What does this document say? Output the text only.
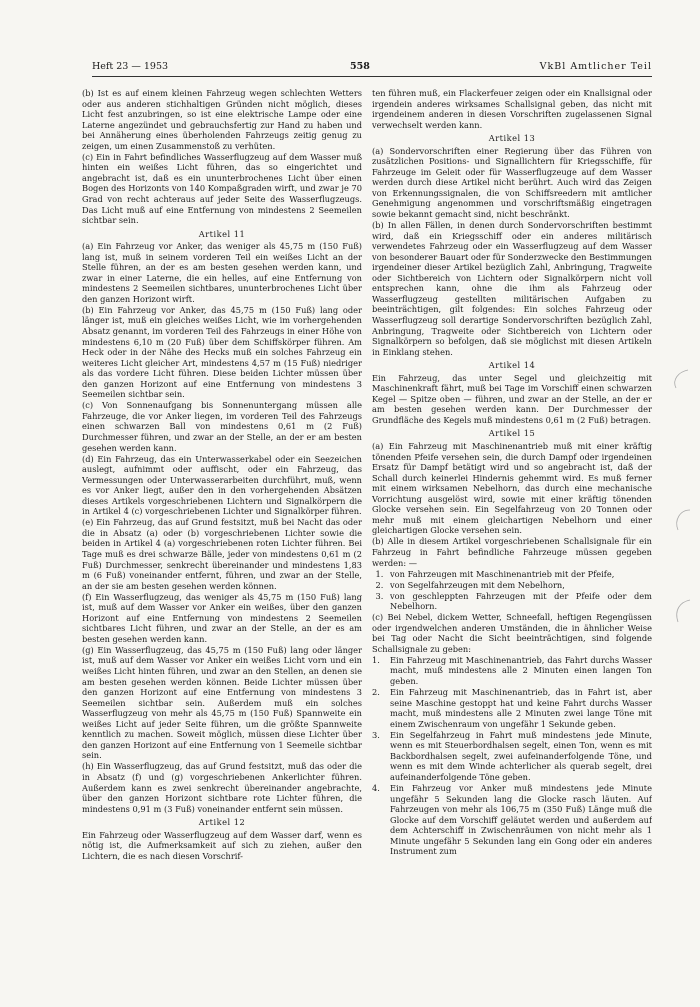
Heft 23 — 1953	558	VkBl Amtlicher Teil

(b) Ist es auf einem kleinen Fahrzeug wegen schlechten Wetters oder aus anderen stichhaltigen Gründen nicht möglich, dieses Licht fest anzubringen, so ist eine elektrische Lampe oder eine Laterne angezündet und gebrauchsfertig zur Hand zu haben und bei Annäherung eines überholenden Fahrzeugs zeitig genug zu zeigen, um einen Zusammenstoß zu verhüten.

(c) Ein in Fahrt befindliches Wasserflugzeug auf dem Wasser muß hinten ein weißes Licht führen, das so eingerichtet und angebracht ist, daß es ein ununterbrochenes Licht über einen Bogen des Horizonts von 140 Kompaßgraden wirft, und zwar je 70 Grad von recht achteraus auf jeder Seite des Wasserflugzeugs. Das Licht muß auf eine Entfernung von mindestens 2 Seemeilen sichtbar sein.

Artikel 11

(a) Ein Fahrzeug vor Anker, das weniger als 45,75 m (150 Fuß) lang ist, muß in seinem vorderen Teil ein weißes Licht an der Stelle führen, an der es am besten gesehen werden kann, und zwar in einer Laterne, die ein helles, auf eine Entfernung von mindestens 2 Seemeilen sichtbares, ununterbrochenes Licht über den ganzen Horizont wirft.

(b) Ein Fahrzeug vor Anker, das 45,75 m (150 Fuß) lang oder länger ist, muß ein gleiches weißes Licht, wie im vorhergehenden Absatz genannt, im vorderen Teil des Fahrzeugs in einer Höhe von mindestens 6,10 m (20 Fuß) über dem Schiffskörper führen. Am Heck oder in der Nähe des Hecks muß ein solches Fahrzeug ein weiteres Licht gleicher Art, mindestens 4,57 m (15 Fuß) niedriger als das vordere Licht führen. Diese beiden Lichter müssen über den ganzen Horizont auf eine Entfernung von mindestens 3 Seemeilen sichtbar sein.

(c) Von Sonnenaufgang bis Sonnenuntergang müssen alle Fahrzeuge, die vor Anker liegen, im vorderen Teil des Fahrzeugs einen schwarzen Ball von mindestens 0,61 m (2 Fuß) Durchmesser führen, und zwar an der Stelle, an der er am besten gesehen werden kann.

(d) Ein Fahrzeug, das ein Unterwasserkabel oder ein Seezeichen auslegt, aufnimmt oder auffischt, oder ein Fahrzeug, das Vermessungen oder Unterwasserarbeiten durchführt, muß, wenn es vor Anker liegt, außer den in den vorhergehenden Absätzen dieses Artikels vorgeschriebenen Lichtern und Signalkörpern die in Artikel 4 (c) vorgeschriebenen Lichter und Signalkörper führen.

(e) Ein Fahrzeug, das auf Grund festsitzt, muß bei Nacht das oder die in Absatz (a) oder (b) vorgeschriebenen Lichter sowie die beiden in Artikel 4 (a) vorgeschriebenen roten Lichter führen. Bei Tage muß es drei schwarze Bälle, jeder von mindestens 0,61 m (2 Fuß) Durchmesser, senkrecht übereinander und mindestens 1,83 m (6 Fuß) voneinander entfernt, führen, und zwar an der Stelle, an der sie am besten gesehen werden können.

(f) Ein Wasserflugzeug, das weniger als 45,75 m (150 Fuß) lang ist, muß auf dem Wasser vor Anker ein weißes, über den ganzen Horizont auf eine Entfernung von mindestens 2 Seemeilen sichtbares Licht führen, und zwar an der Stelle, an der es am besten gesehen werden kann.

(g) Ein Wasserflugzeug, das 45,75 m (150 Fuß) lang oder länger ist, muß auf dem Wasser vor Anker ein weißes Licht vorn und ein weißes Licht hinten führen, und zwar an den Stellen, an denen sie am besten gesehen werden können. Beide Lichter müssen über den ganzen Horizont auf eine Entfernung von mindestens 3 Seemeilen sichtbar sein. Außerdem muß ein solches Wasserflugzeug von mehr als 45,75 m (150 Fuß) Spannweite ein weißes Licht auf jeder Seite führen, um die größte Spannweite kenntlich zu machen. Soweit möglich, müssen diese Lichter über den ganzen Horizont auf eine Entfernung von 1 Seemeile sichtbar sein.

(h) Ein Wasserflugzeug, das auf Grund festsitzt, muß das oder die in Absatz (f) und (g) vorgeschriebenen Ankerlichter führen. Außerdem kann es zwei senkrecht übereinander angebrachte, über den ganzen Horizont sichtbare rote Lichter führen, die mindestens 0,91 m (3 Fuß) voneinander entfernt sein müssen.

Artikel 12

Ein Fahrzeug oder Wasserflugzeug auf dem Wasser darf, wenn es nötig ist, die Aufmerksamkeit auf sich zu ziehen, außer den Lichtern, die es nach diesen Vorschrif-

ten führen muß, ein Flackerfeuer zeigen oder ein Knallsignal oder irgendein anderes wirksames Schallsignal geben, das nicht mit irgendeinem anderen in diesen Vorschriften zugelassenen Signal verwechselt werden kann.

Artikel 13

(a) Sondervorschriften einer Regierung über das Führen von zusätzlichen Positions- und Signallichtern für Kriegsschiffe, für Fahrzeuge im Geleit oder für Wasserflugzeuge auf dem Wasser werden durch diese Artikel nicht berührt. Auch wird das Zeigen von Erkennungssignalen, die von Schiffsreedern mit amtlicher Genehmigung angenommen und vorschriftsmäßig eingetragen sowie bekannt gemacht sind, nicht beschränkt.

(b) In allen Fällen, in denen durch Sondervorschriften bestimmt wird, daß ein Kriegsschiff oder ein anderes militärisch verwendetes Fahrzeug oder ein Wasserflugzeug auf dem Wasser von besonderer Bauart oder für Sonderzwecke den Bestimmungen irgendeiner dieser Artikel bezüglich Zahl, Anbringung, Tragweite oder Sichtbereich von Lichtern oder Signalkörpern nicht voll entsprechen kann, ohne die ihm als Fahrzeug oder Wasserflugzeug gestellten militärischen Aufgaben zu beeinträchtigen, gilt folgendes: Ein solches Fahrzeug oder Wasserflugzeug soll derartige Sondervorschriften bezüglich Zahl, Anbringung, Tragweite oder Sichtbereich von Lichtern oder Signalkörpern so befolgen, daß sie möglichst mit diesen Artikeln in Einklang stehen.

Artikel 14

Ein Fahrzeug, das unter Segel und gleichzeitig mit Maschinenkraft fährt, muß bei Tage im Vorschiff einen schwarzen Kegel — Spitze oben — führen, und zwar an der Stelle, an der er am besten gesehen werden kann. Der Durchmesser der Grundfläche des Kegels muß mindestens 0,61 m (2 Fuß) betragen.

Artikel 15

(a) Ein Fahrzeug mit Maschinenantrieb muß mit einer kräftig tönenden Pfeife versehen sein, die durch Dampf oder irgendeinen Ersatz für Dampf betätigt wird und so angebracht ist, daß der Schall durch keinerlei Hindernis gehemmt wird. Es muß ferner mit einem wirksamen Nebelhorn, das durch eine mechanische Vorrichtung ausgelöst wird, sowie mit einer kräftig tönenden Glocke versehen sein. Ein Segelfahrzeug von 20 Tonnen oder mehr muß mit einem gleichartigen Nebelhorn und einer gleichartigen Glocke versehen sein.

(b) Alle in diesem Artikel vorgeschriebenen Schallsignale für ein Fahrzeug in Fahrt befindliche Fahrzeuge müssen gegeben werden: —

1. von Fahrzeugen mit Maschinenantrieb mit der Pfeife,
2. von Segelfahrzeugen mit dem Nebelhorn,
3. von geschleppten Fahrzeugen mit der Pfeife oder dem Nebelhorn.

(c) Bei Nebel, dickem Wetter, Schneefall, heftigen Regengüssen oder irgendwelchen anderen Umständen, die in ähnlicher Weise bei Tag oder Nacht die Sicht beeinträchtigen, sind folgende Schallsignale zu geben:

1. Ein Fahrzeug mit Maschinenantrieb, das Fahrt durchs Wasser macht, muß mindestens alle 2 Minuten einen langen Ton geben.
2. Ein Fahrzeug mit Maschinenantrieb, das in Fahrt ist, aber seine Maschine gestoppt hat und keine Fahrt durchs Wasser macht, muß mindestens alle 2 Minuten zwei lange Töne mit einem Zwischenraum von ungefähr 1 Sekunde geben.
3. Ein Segelfahrzeug in Fahrt muß mindestens jede Minute, wenn es mit Steuerbordhalsen segelt, einen Ton, wenn es mit Backbordhalsen segelt, zwei aufeinanderfolgende Töne, und wenn es mit dem Winde achterlicher als querab segelt, drei aufeinanderfolgende Töne geben.
4. Ein Fahrzeug vor Anker muß mindestens jede Minute ungefähr 5 Sekunden lang die Glocke rasch läuten. Auf Fahrzeugen von mehr als 106,75 m (350 Fuß) Länge muß die Glocke auf dem Vorschiff geläutet werden und außerdem auf dem Achterschiff in Zwischenräumen von nicht mehr als 1 Minute ungefähr 5 Sekunden lang ein Gong oder ein anderes Instrument zum
